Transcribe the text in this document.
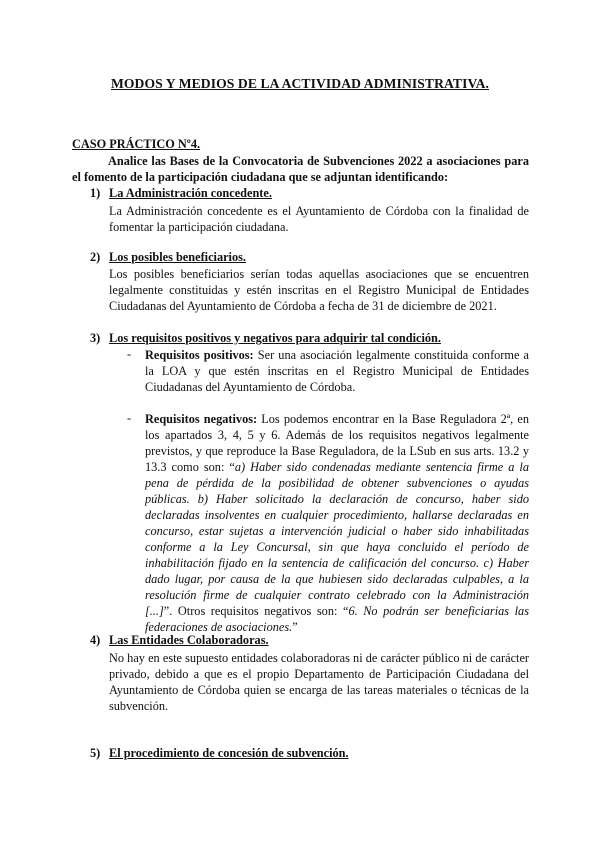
MODOS Y MEDIOS DE LA ACTIVIDAD ADMINISTRATIVA.
CASO PRÁCTICO Nº4.
Analice las Bases de la Convocatoria de Subvenciones 2022 a asociaciones para el fomento de la participación ciudadana que se adjuntan identificando:
1) La Administración concedente.
La Administración concedente es el Ayuntamiento de Córdoba con la finalidad de fomentar la participación ciudadana.
2) Los posibles beneficiarios.
Los posibles beneficiarios serían todas aquellas asociaciones que se encuentren legalmente constituidas y estén inscritas en el Registro Municipal de Entidades Ciudadanas del Ayuntamiento de Córdoba a fecha de 31 de diciembre de 2021.
3) Los requisitos positivos y negativos para adquirir tal condición.
- Requisitos positivos: Ser una asociación legalmente constituida conforme a la LOA y que estén inscritas en el Registro Municipal de Entidades Ciudadanas del Ayuntamiento de Córdoba.
- Requisitos negativos: Los podemos encontrar en la Base Reguladora 2ª, en los apartados 3, 4, 5 y 6. Además de los requisitos negativos legalmente previstos, y que reproduce la Base Reguladora, de la LSub en sus arts. 13.2 y 13.3 como son: “a) Haber sido condenadas mediante sentencia firme a la pena de pérdida de la posibilidad de obtener subvenciones o ayudas públicas. b) Haber solicitado la declaración de concurso, haber sido declaradas insolventes en cualquier procedimiento, hallarse declaradas en concurso, estar sujetas a intervención judicial o haber sido inhabilitadas conforme a la Ley Concursal, sin que haya concluido el período de inhabilitación fijado en la sentencia de calificación del concurso. c) Haber dado lugar, por causa de la que hubiesen sido declaradas culpables, a la resolución firme de cualquier contrato celebrado con la Administración [...]”. Otros requisitos negativos son: “6. No podrán ser beneficiarias las federaciones de asociaciones.”
4) Las Entidades Colaboradoras.
No hay en este supuesto entidades colaboradoras ni de carácter público ni de carácter privado, debido a que es el propio Departamento de Participación Ciudadana del Ayuntamiento de Córdoba quien se encarga de las tareas materiales o técnicas de la subvención.
5) El procedimiento de concesión de subvención.
